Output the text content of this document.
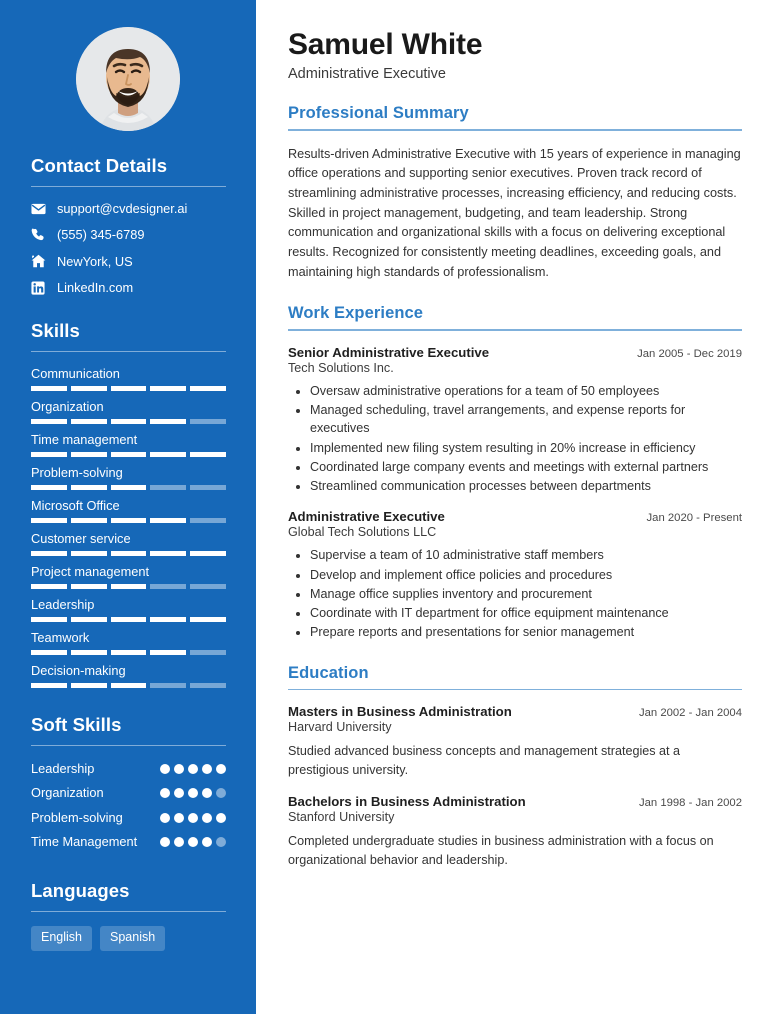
Contact Details
support@cvdesigner.ai
(555) 345-6789
NewYork, US
LinkedIn.com
Skills
Communication
Organization
Time management
Problem-solving
Microsoft Office
Customer service
Project management
Leadership
Teamwork
Decision-making
Soft Skills
Leadership
Organization
Problem-solving
Time Management
Languages
English	Spanish
Samuel White
Administrative Executive
Professional Summary

Results-driven Administrative Executive with 15 years of experience in managing office operations and supporting senior executives. Proven track record of streamlining administrative processes, increasing efficiency, and reducing costs. Skilled in project management, budgeting, and team leadership. Strong communication and organizational skills with a focus on delivering exceptional results. Recognized for consistently meeting deadlines, exceeding goals, and maintaining high standards of professionalism.

Work Experience
Senior Administrative Executive	Jan 2005 - Dec 2019
Tech Solutions Inc.
• Oversaw administrative operations for a team of 50 employees
• Managed scheduling, travel arrangements, and expense reports for executives
• Implemented new filing system resulting in 20% increase in efficiency
• Coordinated large company events and meetings with external partners
• Streamlined communication processes between departments
Administrative Executive	Jan 2020 - Present
Global Tech Solutions LLC
• Supervise a team of 10 administrative staff members
• Develop and implement office policies and procedures
• Manage office supplies inventory and procurement
• Coordinate with IT department for office equipment maintenance
• Prepare reports and presentations for senior management
Education
Masters in Business Administration	Jan 2002 - Jan 2004
Harvard University
Studied advanced business concepts and management strategies at a prestigious university.
Bachelors in Business Administration	Jan 1998 - Jan 2002
Stanford University
Completed undergraduate studies in business administration with a focus on organizational behavior and leadership.
